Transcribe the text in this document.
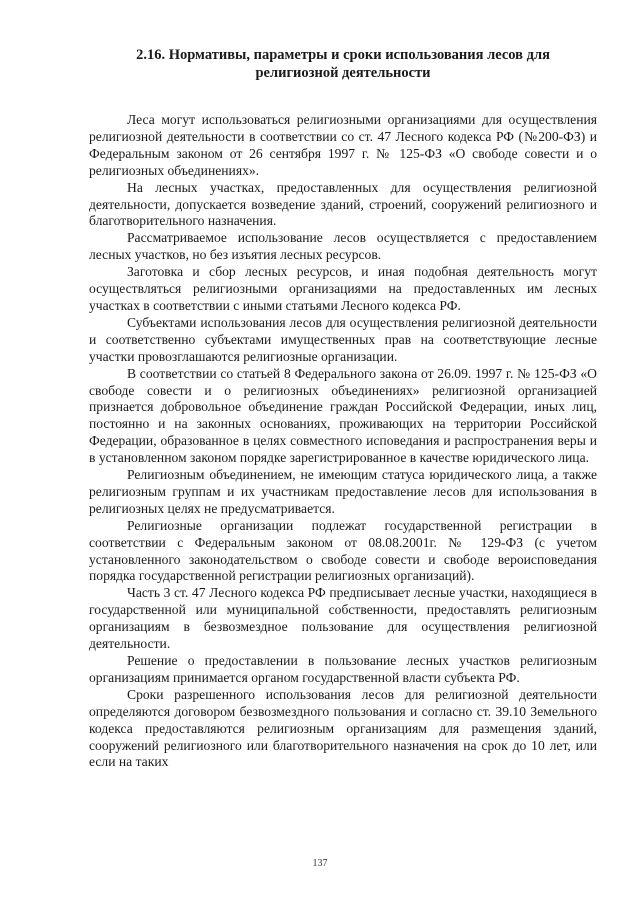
2.16. Нормативы, параметры и сроки использования лесов для религиозной деятельности

Леса могут использоваться религиозными организациями для осуществления религиозной деятельности в соответствии со ст. 47 Лесного кодекса РФ (№200-ФЗ) и Федеральным законом от 26 сентября 1997 г. № 125-ФЗ «О свободе совести и о религиозных объединениях».

На лесных участках, предоставленных для осуществления религиозной деятельности, допускается возведение зданий, строений, сооружений религиозного и благотворительного назначения.

Рассматриваемое использование лесов осуществляется с предоставлением лесных участков, но без изъятия лесных ресурсов.

Заготовка и сбор лесных ресурсов, и иная подобная деятельность могут осуществляться религиозными организациями на предоставленных им лесных участках в соответствии с иными статьями Лесного кодекса РФ.

Субъектами использования лесов для осуществления религиозной деятельности и соответственно субъектами имущественных прав на соответствующие лесные участки провозглашаются религиозные организации.

В соответствии со статьей 8 Федерального закона от 26.09. 1997 г. № 125-ФЗ «О свободе совести и о религиозных объединениях» религиозной организацией признается добровольное объединение граждан Российской Федерации, иных лиц, постоянно и на законных основаниях, проживающих на территории Российской Федерации, образованное в целях совместного исповедания и распространения веры и в установленном законом порядке зарегистрированное в качестве юридического лица.

Религиозным объединением, не имеющим статуса юридического лица, а также религиозным группам и их участникам предоставление лесов для использования в религиозных целях не предусматривается.

Религиозные организации подлежат государственной регистрации в соответствии с Федеральным законом от 08.08.2001г. № 129-ФЗ (с учетом установленного законодательством о свободе совести и свободе вероисповедания порядка государственной регистрации религиозных организаций).

Часть 3 ст. 47 Лесного кодекса РФ предписывает лесные участки, находящиеся в государственной или муниципальной собственности, предоставлять религиозным организациям в безвозмездное пользование для осуществления религиозной деятельности.

Решение о предоставлении в пользование лесных участков религиозным организациям принимается органом государственной власти субъекта РФ.

Сроки разрешенного использования лесов для религиозной деятельности определяются договором безвозмездного пользования и согласно ст. 39.10 Земельного кодекса предоставляются религиозным организациям для размещения зданий, сооружений религиозного или благотворительного назначения на срок до 10 лет, или если на таких

137
